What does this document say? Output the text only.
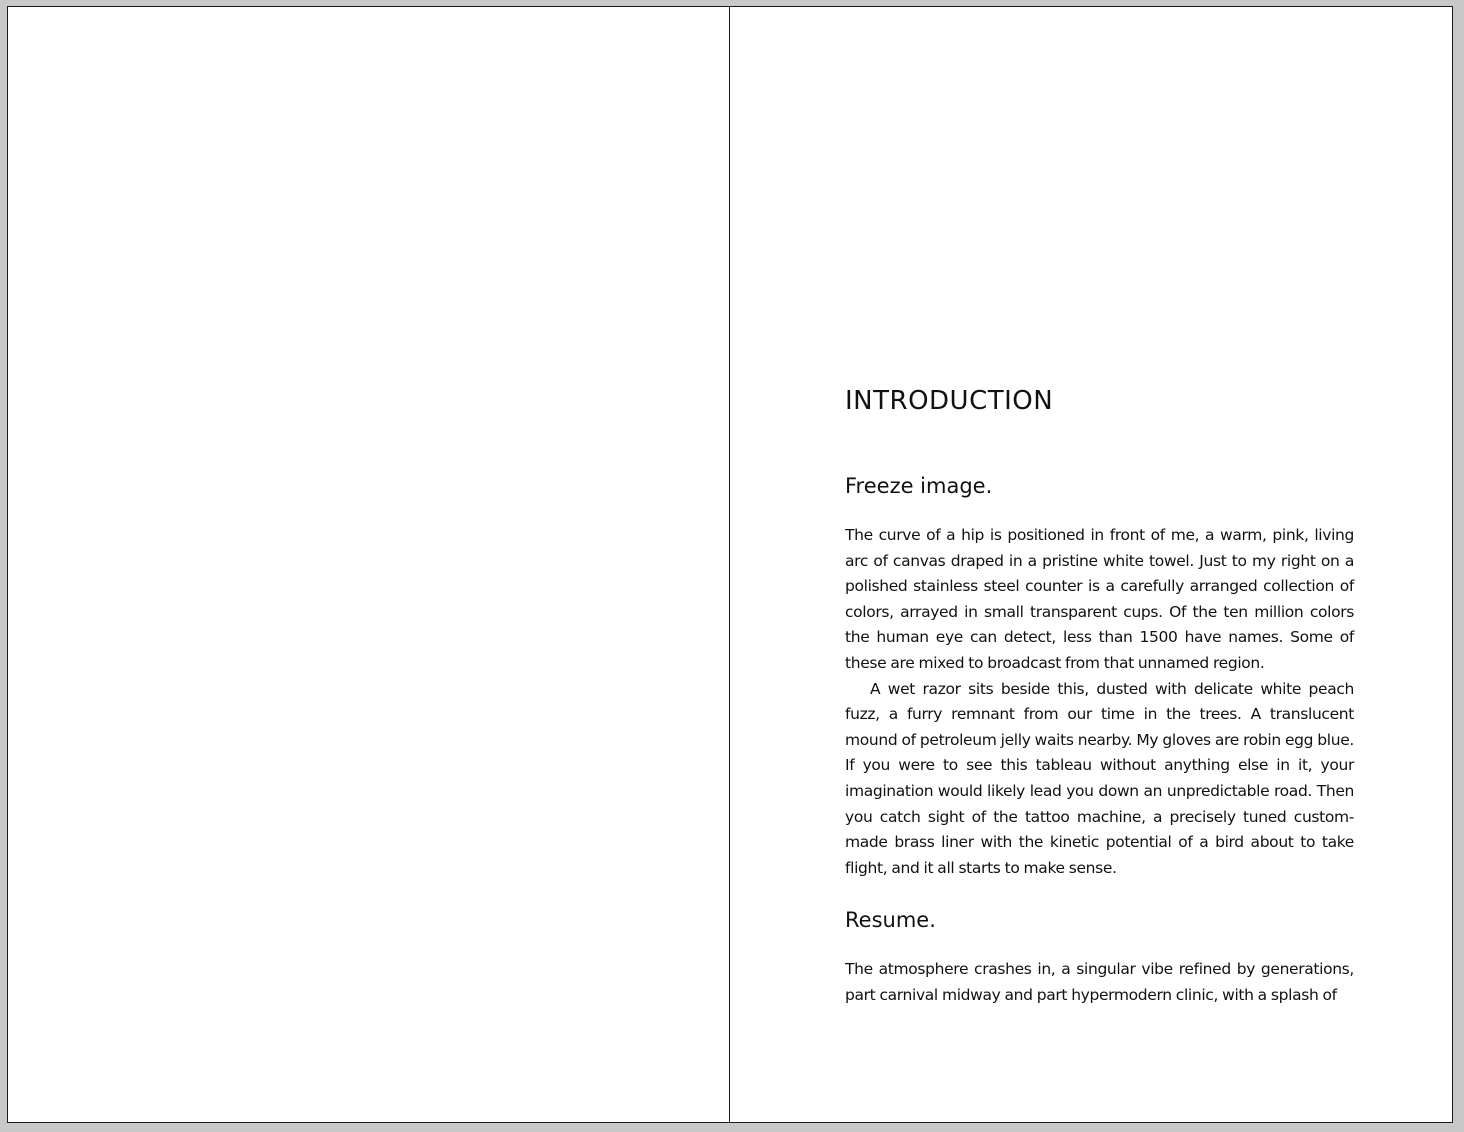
INTRODUCTION
Freeze image.

The curve of a hip is positioned in front of me, a warm, pink, living arc of canvas draped in a pristine white towel. Just to my right on a polished stainless steel counter is a carefully arranged collection of colors, arrayed in small transparent cups. Of the ten million colors the human eye can detect, less than 1500 have names. Some of these are mixed to broadcast from that unnamed region.

A wet razor sits beside this, dusted with delicate white peach fuzz, a furry remnant from our time in the trees. A translucent mound of petroleum jelly waits nearby. My gloves are robin egg blue. If you were to see this tableau without anything else in it, your imagination would likely lead you down an unpredictable road. Then you catch sight of the tattoo machine, a precisely tuned custom-made brass liner with the kinetic potential of a bird about to take flight, and it all starts to make sense.

Resume.

The atmosphere crashes in, a singular vibe refined by generations, part carnival midway and part hypermodern clinic, with a splash of
